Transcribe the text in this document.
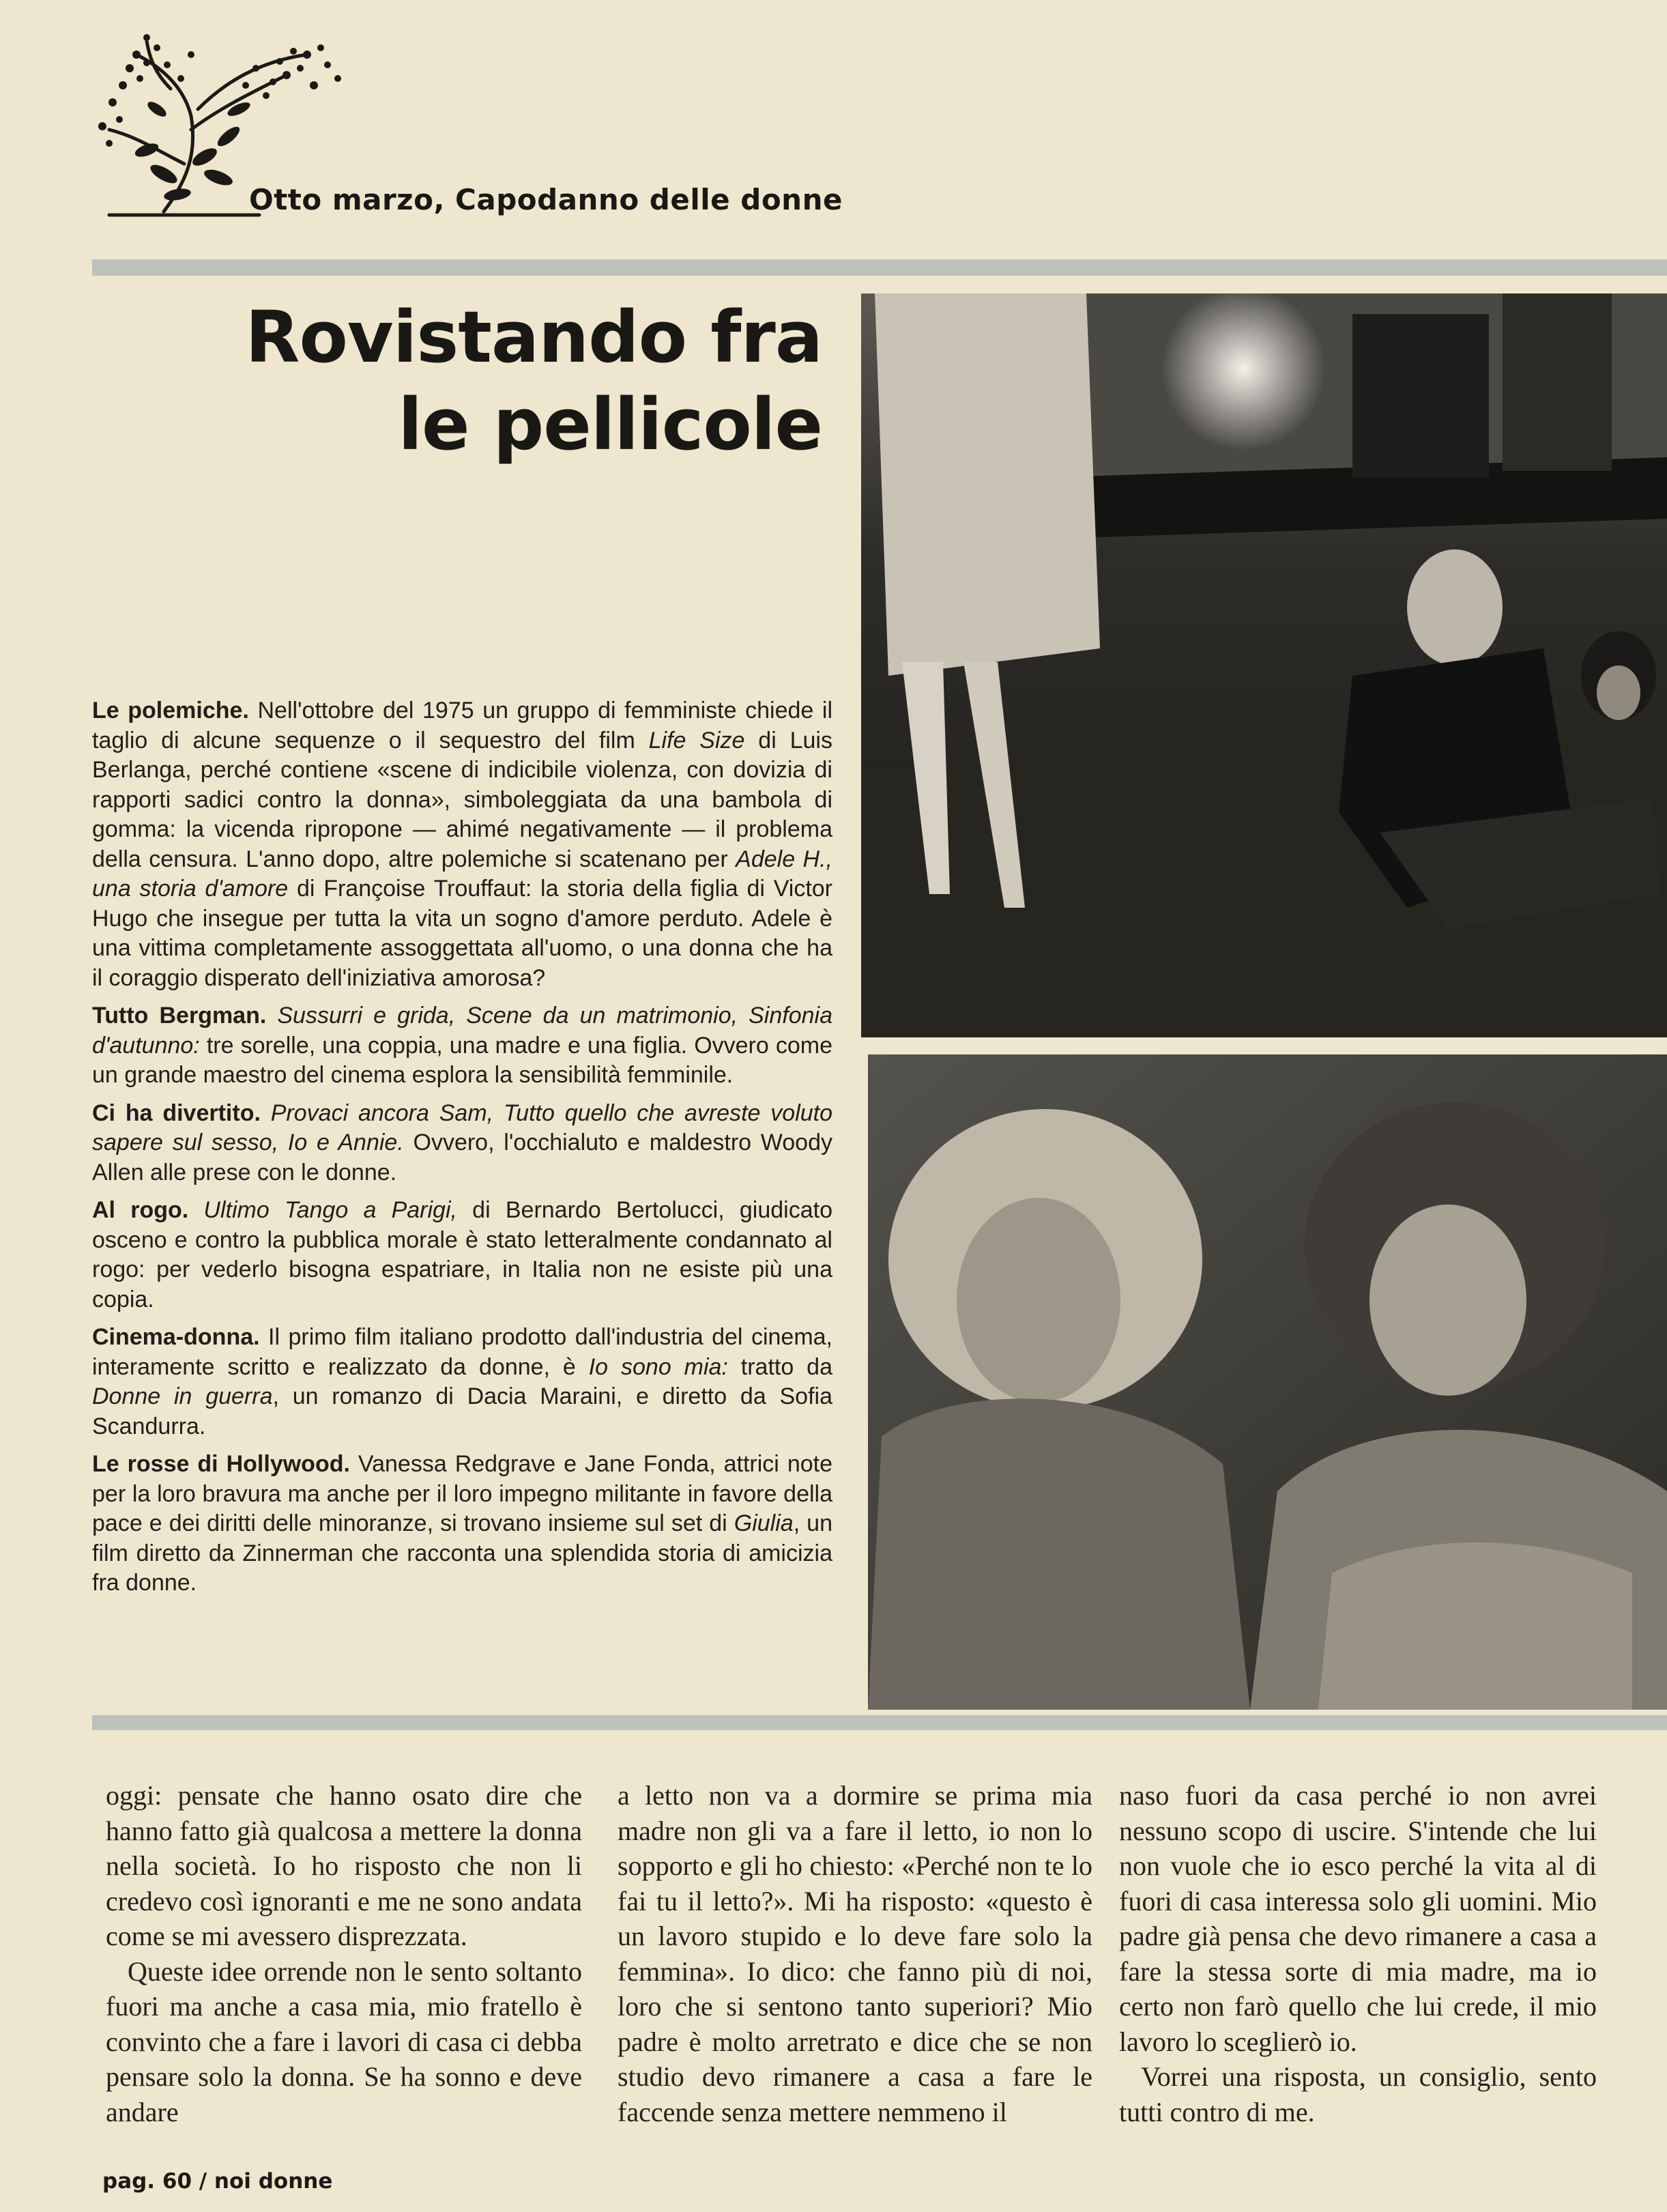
Otto marzo, Capodanno delle donne
Rovistando fra
le pellicole

Le polemiche. Nell'ottobre del 1975 un gruppo di femministe chiede il taglio di alcune sequenze o il sequestro del film Life Size di Luis Berlanga, perché contiene «scene di indicibile violenza, con dovizia di rapporti sadici contro la donna», simboleggiata da una bambola di gomma: la vicenda ripropone — ahimé negativamente — il problema della censura. L'anno dopo, altre polemiche si scatenano per Adele H., una storia d'amore di Françoise Trouffaut: la storia della figlia di Victor Hugo che insegue per tutta la vita un sogno d'amore perduto. Adele è una vittima completamente assoggettata all'uomo, o una donna che ha il coraggio disperato dell'iniziativa amorosa?

Tutto Bergman. Sussurri e grida, Scene da un matrimonio, Sinfonia d'autunno: tre sorelle, una coppia, una madre e una figlia. Ovvero come un grande maestro del cinema esplora la sensibilità femminile.

Ci ha divertito. Provaci ancora Sam, Tutto quello che avreste voluto sapere sul sesso, Io e Annie. Ovvero, l'occhialuto e maldestro Woody Allen alle prese con le donne.

Al rogo. Ultimo Tango a Parigi, di Bernardo Bertolucci, giudicato osceno e contro la pubblica morale è stato letteralmente condannato al rogo: per vederlo bisogna espatriare, in Italia non ne esiste più una copia.

Cinema-donna. Il primo film italiano prodotto dall'industria del cinema, interamente scritto e realizzato da donne, è Io sono mia: tratto da Donne in guerra, un romanzo di Dacia Maraini, e diretto da Sofia Scandurra.

Le rosse di Hollywood. Vanessa Redgrave e Jane Fonda, attrici note per la loro bravura ma anche per il loro impegno militante in favore della pace e dei diritti delle minoranze, si trovano insieme sul set di Giulia, un film diretto da Zinnerman che racconta una splendida storia di amicizia fra donne.

oggi: pensate che hanno osato dire che hanno fatto già qualcosa a mettere la donna nella società. Io ho risposto che non li credevo così ignoranti e me ne sono andata come se mi avessero disprezzata.

Queste idee orrende non le sento soltanto fuori ma anche a casa mia, mio fratello è convinto che a fare i lavori di casa ci debba pensare solo la donna. Se ha sonno e deve andare

a letto non va a dormire se prima mia madre non gli va a fare il letto, io non lo sopporto e gli ho chiesto: «Perché non te lo fai tu il letto?». Mi ha risposto: «questo è un lavoro stupido e lo deve fare solo la femmina». Io dico: che fanno più di noi, loro che si sentono tanto superiori? Mio padre è molto arretrato e dice che se non studio devo rimanere a casa a fare le faccende senza mettere nemmeno il

naso fuori da casa perché io non avrei nessuno scopo di uscire. S'intende che lui non vuole che io esco perché la vita al di fuori di casa interessa solo gli uomini. Mio padre già pensa che devo rimanere a casa a fare la stessa sorte di mia madre, ma io certo non farò quello che lui crede, il mio lavoro lo sceglierò io.

Vorrei una risposta, un consiglio, sento tutti contro di me.

pag. 60 / noi donne
